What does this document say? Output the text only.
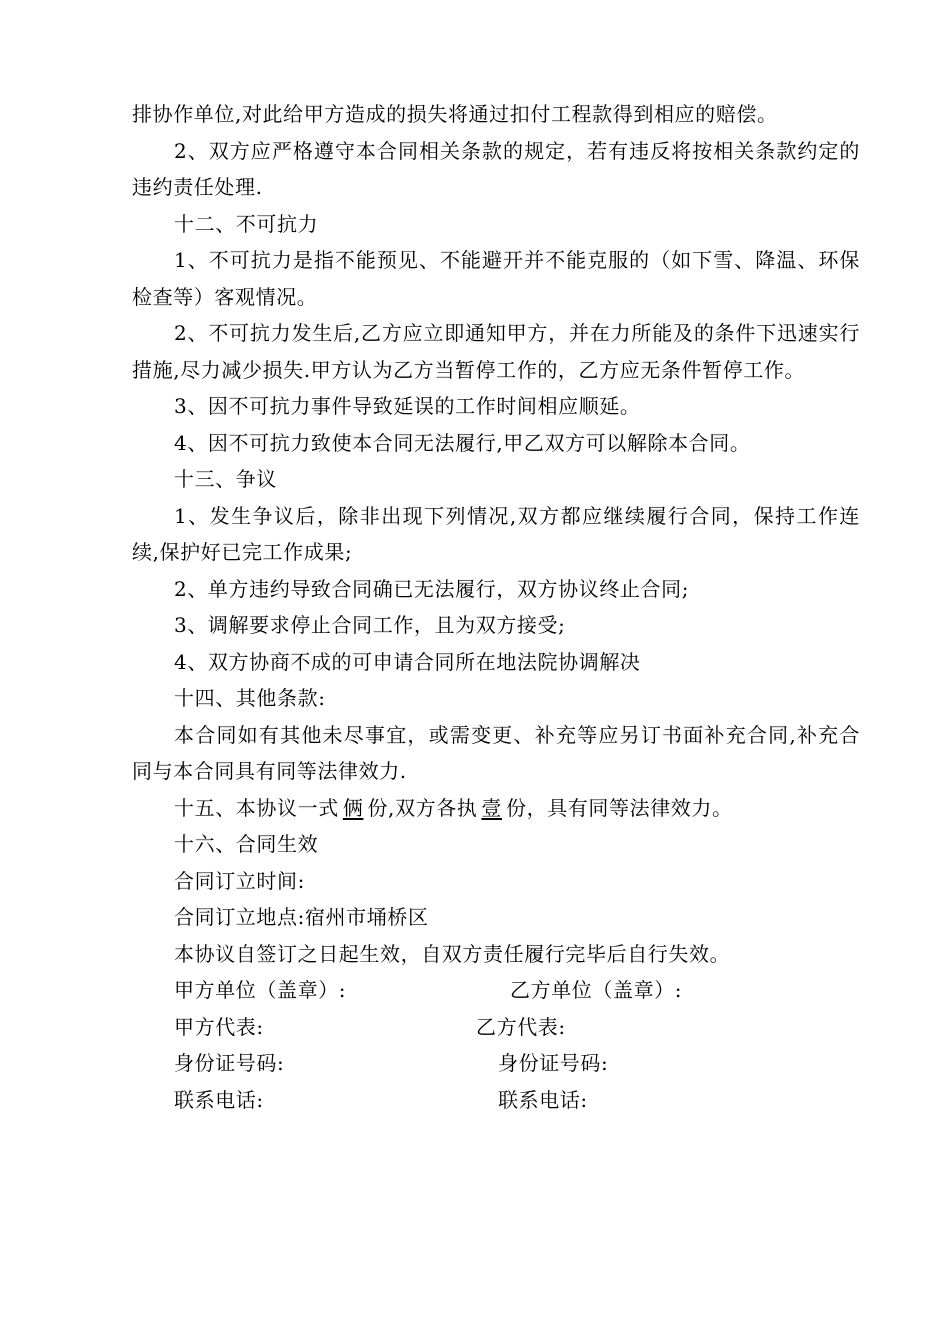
排协作单位,对此给甲方造成的损失将通过扣付工程款得到相应的赔偿。

2、双方应严格遵守本合同相关条款的规定，若有违反将按相关条款约定的违约责任处理.

十二、不可抗力

1、不可抗力是指不能预见、不能避开并不能克服的（如下雪、降温、环保检查等）客观情况。

2、不可抗力发生后,乙方应立即通知甲方，并在力所能及的条件下迅速实行措施,尽力减少损失.甲方认为乙方当暂停工作的，乙方应无条件暂停工作。

3、因不可抗力事件导致延误的工作时间相应顺延。

4、因不可抗力致使本合同无法履行,甲乙双方可以解除本合同。

十三、争议

1、发生争议后，除非出现下列情况,双方都应继续履行合同，保持工作连续,保护好已完工作成果;

2、单方违约导致合同确已无法履行，双方协议终止合同;

3、调解要求停止合同工作，且为双方接受;

4、双方协商不成的可申请合同所在地法院协调解决

十四、其他条款:

本合同如有其他未尽事宜，或需变更、补充等应另订书面补充合同,补充合同与本合同具有同等法律效力.

十五、本协议一式 俩 份,双方各执 壹 份，具有同等法律效力。

十六、合同生效

合同订立时间:

合同订立地点:宿州市埇桥区

本协议自签订之日起生效，自双方责任履行完毕后自行失效。

甲方单位（盖章）:	乙方单位（盖章）:
甲方代表:	乙方代表:
身份证号码:	身份证号码:
联系电话:	联系电话:
